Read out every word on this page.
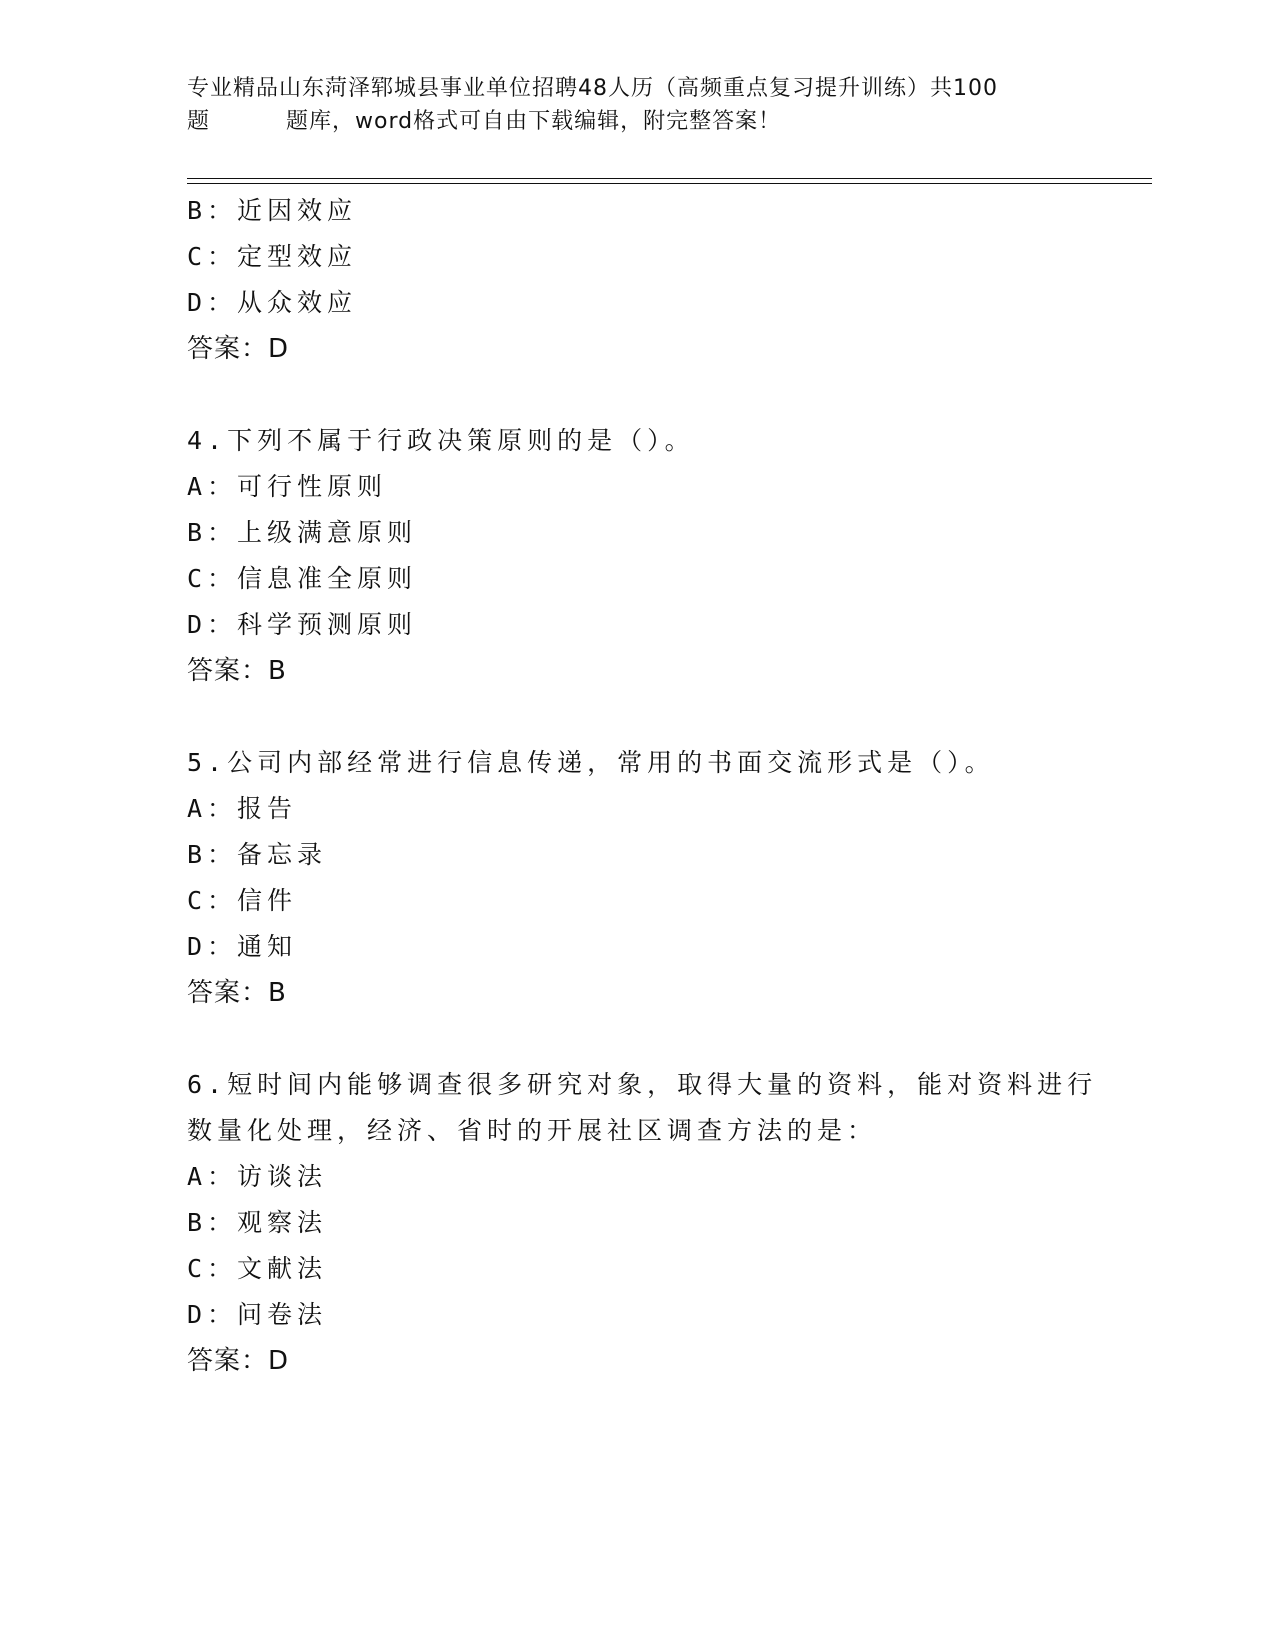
专业精品山东菏泽郓城县事业单位招聘48人历（高频重点复习提升训练）共100
题	题库，word格式可自由下载编辑，附完整答案！
B：近因效应
C：定型效应
D：从众效应
答案：D
4.下列不属于行政决策原则的是（）。
A：可行性原则
B：上级满意原则
C：信息准全原则
D：科学预测原则
答案：B
5.公司内部经常进行信息传递，常用的书面交流形式是（）。
A：报告
B：备忘录
C：信件
D：通知
答案：B
6.短时间内能够调查很多研究对象，取得大量的资料，能对资料进行
数量化处理，经济、省时的开展社区调查方法的是：
A：访谈法
B：观察法
C：文献法
D：问卷法
答案：D
